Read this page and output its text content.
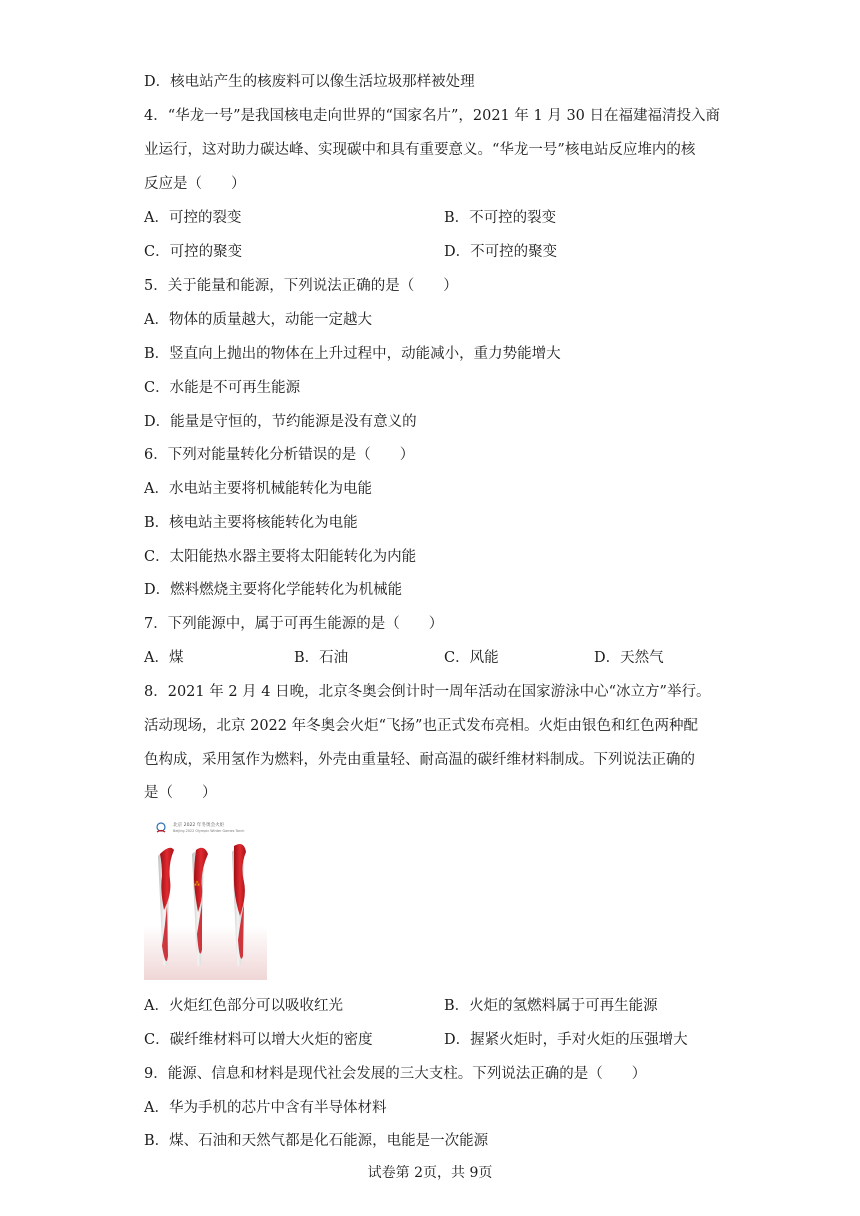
D．核电站产生的核废料可以像生活垃圾那样被处理
4．“华龙一号”是我国核电走向世界的“国家名片”，2021 年 1 月 30 日在福建福清投入商
业运行，这对助力碳达峰、实现碳中和具有重要意义。“华龙一号”核电站反应堆内的核
反应是（　　）
A．可控的裂变	B．不可控的裂变
C．可控的聚变	D．不可控的聚变
5．关于能量和能源，下列说法正确的是（　　）
A．物体的质量越大，动能一定越大
B．竖直向上抛出的物体在上升过程中，动能减小，重力势能增大
C．水能是不可再生能源
D．能量是守恒的，节约能源是没有意义的
6．下列对能量转化分析错误的是（　　）
A．水电站主要将机械能转化为电能
B．核电站主要将核能转化为电能
C．太阳能热水器主要将太阳能转化为内能
D．燃料燃烧主要将化学能转化为机械能
7．下列能源中，属于可再生能源的是（　　）
A．煤	B．石油	C．风能	D．天然气
8．2021 年 2 月 4 日晚，北京冬奥会倒计时一周年活动在国家游泳中心“冰立方”举行。
活动现场，北京 2022 年冬奥会火炬“飞扬”也正式发布亮相。火炬由银色和红色两种配
色构成，采用氢作为燃料，外壳由重量轻、耐高温的碳纤维材料制成。下列说法正确的
是（　　）
北京 2022 年冬奥会火炬
Beijing 2022 Olympic Winter Games Torch
⁂
A．火炬红色部分可以吸收红光	B．火炬的氢燃料属于可再生能源
C．碳纤维材料可以增大火炬的密度	D．握紧火炬时，手对火炬的压强增大
9．能源、信息和材料是现代社会发展的三大支柱。下列说法正确的是（　　）
A．华为手机的芯片中含有半导体材料
B．煤、石油和天然气都是化石能源，电能是一次能源
试卷第 2页，共 9页
